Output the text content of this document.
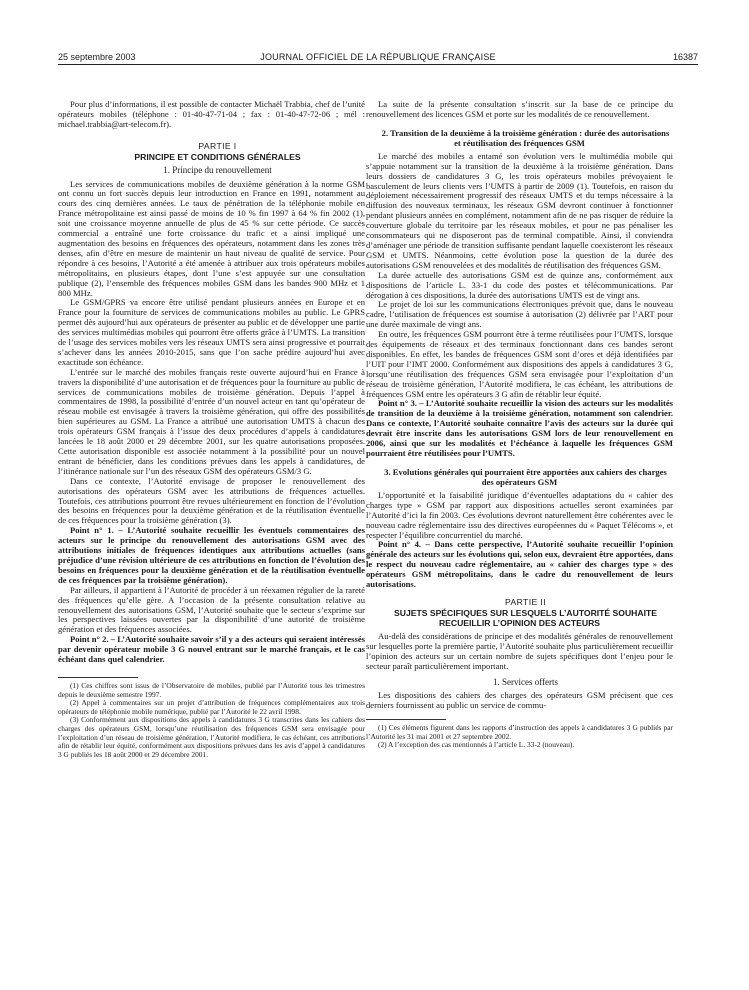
25 septembre 2003	JOURNAL OFFICIEL DE LA RÉPUBLIQUE FRANÇAISE	16387

Pour plus d’informations, il est possible de contacter Michaël Trabbia, chef de l’unité opérateurs mobiles (téléphone : 01-40-47-71-04 ; fax : 01-40-47-72-06 ; mél : michael.trabbia@art-telecom.fr).

PARTIE I

PRINCIPE ET CONDITIONS GÉNÉRALES

1. Principe du renouvellement

Les services de communications mobiles de deuxième génération à la norme GSM ont connu un fort succès depuis leur introduction en France en 1991, notamment au cours des cinq dernières années. Le taux de pénétration de la téléphonie mobile en France métropolitaine est ainsi passé de moins de 10 % fin 1997 à 64 % fin 2002 (1), soit une croissance moyenne annuelle de plus de 45 % sur cette période. Ce succès commercial a entraîné une forte croissance du trafic et a ainsi impliqué une augmentation des besoins en fréquences des opérateurs, notamment dans les zones très denses, afin d’être en mesure de maintenir un haut niveau de qualité de service. Pour répondre à ces besoins, l’Autorité a été amenée à attribuer aux trois opérateurs mobiles métropolitains, en plusieurs étapes, dont l’une s’est appuyée sur une consultation publique (2), l’ensemble des fréquences mobiles GSM dans les bandes 900 MHz et 1 800 MHz.

Le GSM/GPRS va encore être utilisé pendant plusieurs années en Europe et en France pour la fourniture de services de communications mobiles au public. Le GPRS permet dès aujourd’hui aux opérateurs de présenter au public et de développer une partie des services multimédias mobiles qui pourront être offerts grâce à l’UMTS. La transition de l’usage des services mobiles vers les réseaux UMTS sera ainsi progressive et pourrait s’achever dans les années 2010-2015, sans que l’on sache prédire aujourd’hui avec exactitude son échéance.

L’entrée sur le marché des mobiles français reste ouverte aujourd’hui en France à travers la disponibilité d’une autorisation et de fréquences pour la fourniture au public de services de communications mobiles de troisième génération. Depuis l’appel à commentaires de 1998, la possibilité d’entrée d’un nouvel acteur en tant qu’opérateur de réseau mobile est envisagée à travers la troisième génération, qui offre des possibilités bien supérieures au GSM. La France a attribué une autorisation UMTS à chacun des trois opérateurs GSM français à l’issue des deux procédures d’appels à candidatures lancées le 18 août 2000 et 29 décembre 2001, sur les quatre autorisations proposées. Cette autorisation disponible est associée notamment à la possibilité pour un nouvel entrant de bénéficier, dans les conditions prévues dans les appels à candidatures, de l’itinérance nationale sur l’un des réseaux GSM des opérateurs GSM/3 G.

Dans ce contexte, l’Autorité envisage de proposer le renouvellement des autorisations des opérateurs GSM avec les attributions de fréquences actuelles. Toutefois, ces attributions pourront être revues ultérieurement en fonction de l’évolution des besoins en fréquences pour la deuxième génération et de la réutilisation éventuelle de ces fréquences pour la troisième génération (3).

Point n° 1. – L’Autorité souhaite recueillir les éventuels commentaires des acteurs sur le principe du renouvellement des autorisations GSM avec des attributions initiales de fréquences identiques aux attributions actuelles (sans préjudice d’une révision ultérieure de ces attributions en fonction de l’évolution des besoins en fréquences pour la deuxième génération et de la réutilisation éventuelle de ces fréquences par la troisième génération).

Par ailleurs, il appartient à l’Autorité de procéder à un réexamen régulier de la rareté des fréquences qu’elle gère. A l’occasion de la présente consultation relative au renouvellement des autorisations GSM, l’Autorité souhaite que le secteur s’exprime sur les perspectives laissées ouvertes par la disponibilité d’une autorité de troisième génération et des fréquences associées.

Point n° 2. – L’Autorité souhaite savoir s’il y a des acteurs qui seraient intéressés par devenir opérateur mobile 3 G nouvel entrant sur le marché français, et le cas échéant dans quel calendrier.

(1) Ces chiffres sont issus de l’Observatoire de mobiles, publié par l’Autorité tous les trimestres depuis le deuxième semestre 1997.

(2) Appel à commentaires sur un projet d’attribution de fréquences complémentaires aux trois opérateurs de téléphonie mobile numérique, publié par l’Autorité le 22 avril 1998.

(3) Conformément aux dispositions des appels à candidatures 3 G transcrites dans les cahiers des charges des opérateurs GSM, lorsqu’une réutilisation des fréquences GSM sera envisagée pour l’exploitation d’un réseau de troisième génération, l’Autorité modifiera, le cas échéant, ces attributions afin de rétablir leur équité, conformément aux dispositions prévues dans les avis d’appel à candidatures 3 G publiés les 18 août 2000 et 29 décembre 2001.

La suite de la présente consultation s’inscrit sur la base de ce principe du renouvellement des licences GSM et porte sur les modalités de ce renouvellement.

2. Transition de la deuxième à la troisième génération : durée des autorisations et réutilisation des fréquences GSM

Le marché des mobiles a entamé son évolution vers le multimédia mobile qui s’appuie notamment sur la transition de la deuxième à la troisième génération. Dans leurs dossiers de candidatures 3 G, les trois opérateurs mobiles prévoyaient le basculement de leurs clients vers l’UMTS à partir de 2009 (1). Toutefois, en raison du déploiement nécessairement progressif des réseaux UMTS et du temps nécessaire à la diffusion des nouveaux terminaux, les réseaux GSM devront continuer à fonctionner pendant plusieurs années en complément, notamment afin de ne pas risquer de réduire la couverture globale du territoire par les réseaux mobiles, et pour ne pas pénaliser les consommateurs qui ne disposeront pas de terminal compatible. Ainsi, il conviendra d’aménager une période de transition suffisante pendant laquelle coexisteront les réseaux GSM et UMTS. Néanmoins, cette évolution pose la question de la durée des autorisations GSM renouvelées et des modalités de réutilisation des fréquences GSM.

La durée actuelle des autorisations GSM est de quinze ans, conformément aux dispositions de l’article L. 33-1 du code des postes et télécommunications. Par dérogation à ces dispositions, la durée des autorisations UMTS est de vingt ans.

Le projet de loi sur les communications électroniques prévoit que, dans le nouveau cadre, l’utilisation de fréquences est soumise à autorisation (2) délivrée par l’ART pour une durée maximale de vingt ans.

En outre, les fréquences GSM pourront être à terme réutilisées pour l’UMTS, lorsque des équipements de réseaux et des terminaux fonctionnant dans ces bandes seront disponibles. En effet, les bandes de fréquences GSM sont d’ores et déjà identifiées par l’UIT pour l’IMT 2000. Conformément aux dispositions des appels à candidatures 3 G, lorsqu’une réutilisation des fréquences GSM sera envisagée pour l’exploitation d’un réseau de troisième génération, l’Autorité modifiera, le cas échéant, les attributions de fréquences GSM entre les opérateurs 3 G afin de rétablir leur équité.

Point n° 3. – L’Autorité souhaite recueillir la vision des acteurs sur les modalités de transition de la deuxième à la troisième génération, notamment son calendrier. Dans ce contexte, l’Autorité souhaite connaître l’avis des acteurs sur la durée qui devrait être inscrite dans les autorisations GSM lors de leur renouvellement en 2006, ainsi que sur les modalités et l’échéance à laquelle les fréquences GSM pourraient être réutilisées pour l’UMTS.

3. Evolutions générales qui pourraient être apportées aux cahiers des charges des opérateurs GSM

L’opportunité et la faisabilité juridique d’éventuelles adaptations du « cahier des charges type » GSM par rapport aux dispositions actuelles seront examinées par l’Autorité d’ici la fin 2003. Ces évolutions devront naturellement être cohérentes avec le nouveau cadre réglementaire issu des directives européennes du « Paquet Télécoms », et respecter l’équilibre concurrentiel du marché.

Point n° 4. – Dans cette perspective, l’Autorité souhaite recueillir l’opinion générale des acteurs sur les évolutions qui, selon eux, devraient être apportées, dans le respect du nouveau cadre réglementaire, au « cahier des charges type » des opérateurs GSM métropolitains, dans le cadre du renouvellement de leurs autorisations.

PARTIE II

SUJETS SPÉCIFIQUES SUR LESQUELS L’AUTORITÉ SOUHAITE RECUEILLIR L’OPINION DES ACTEURS

Au-delà des considérations de principe et des modalités générales de renouvellement sur lesquelles porte la première partie, l’Autorité souhaite plus particulièrement recueillir l’opinion des acteurs sur un certain nombre de sujets spécifiques dont l’enjeu pour le secteur paraît particulièrement important.

1. Services offerts

Les dispositions des cahiers des charges des opérateurs GSM précisent que ces derniers fournissent au public un service de commu-

(1) Ces éléments figurent dans les rapports d’instruction des appels à candidatures 3 G publiés par l’Autorité les 31 mai 2001 et 27 septembre 2002.

(2) A l’exception des cas mentionnés à l’article L. 33-2 (nouveau).
